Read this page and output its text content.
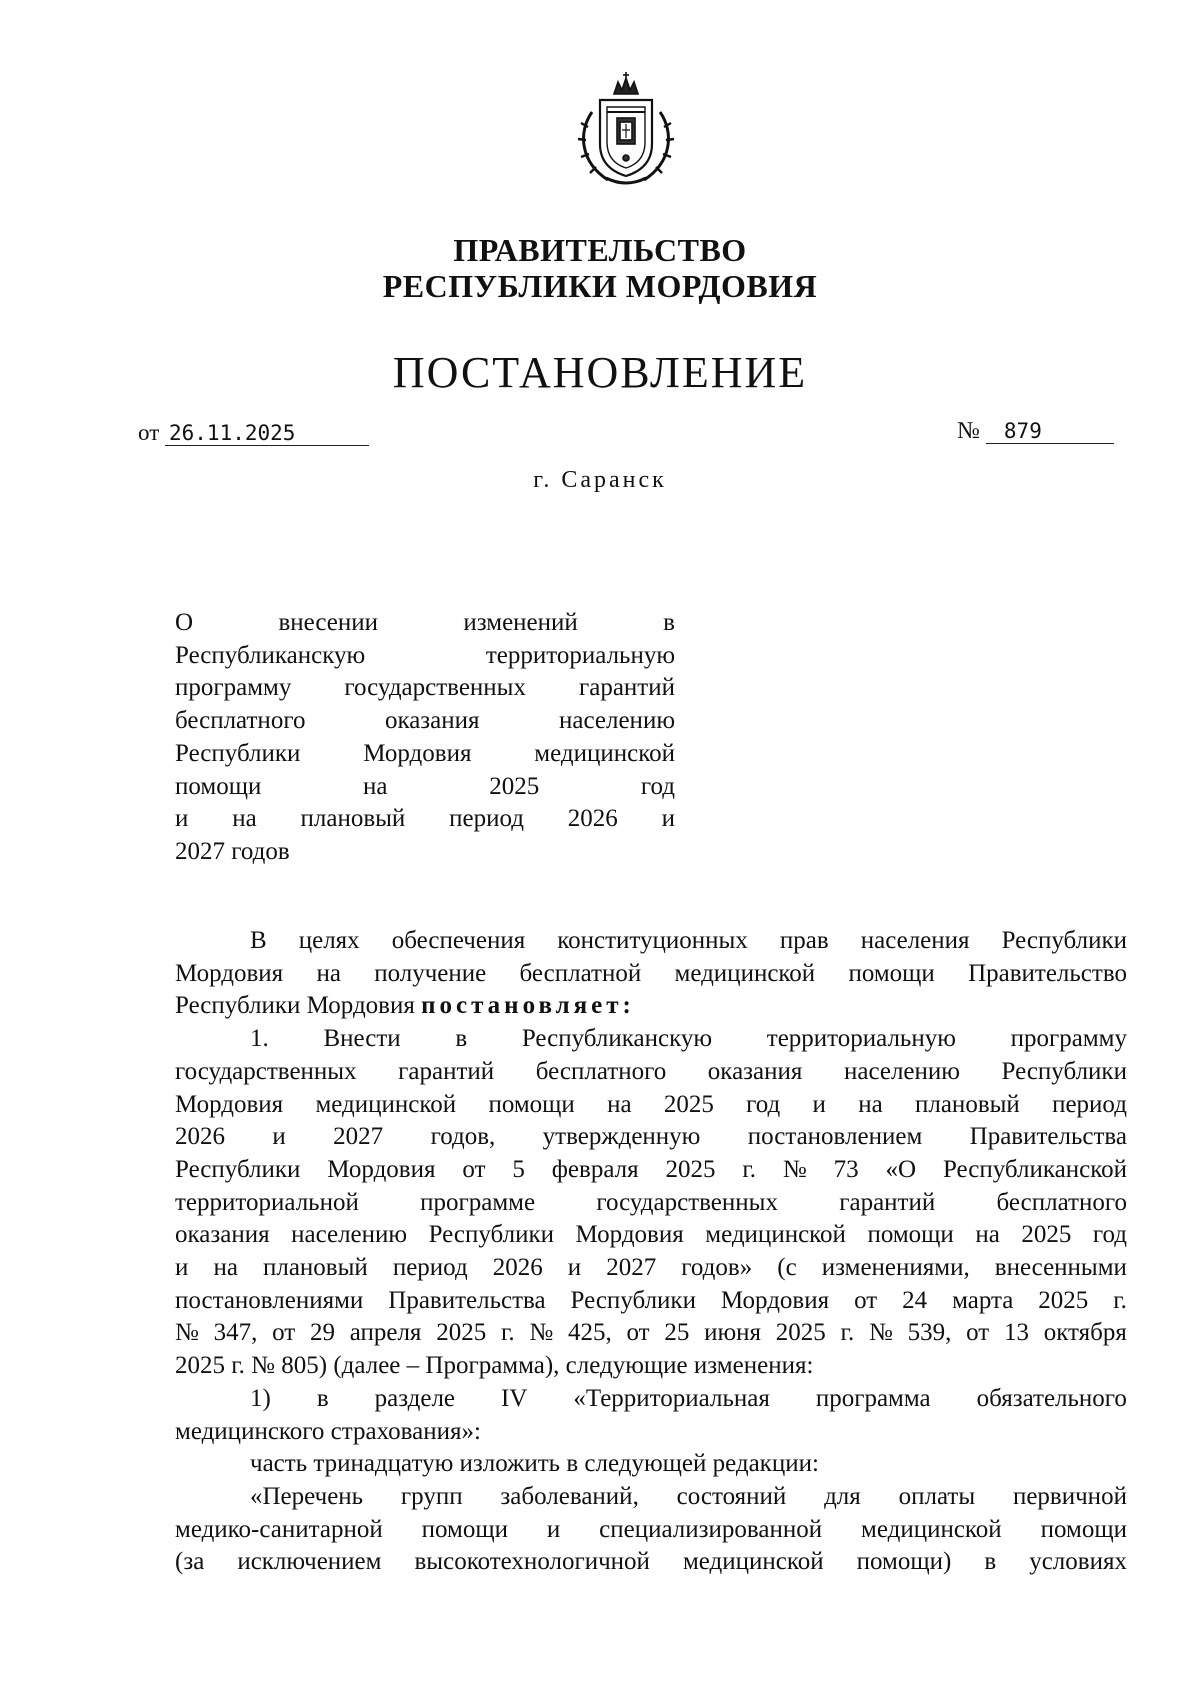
ПРАВИТЕЛЬСТВО
РЕСПУБЛИКИ МОРДОВИЯ
ПОСТАНОВЛЕНИЕ
от 26.11.2025	№ 879
г. Саранск
О	внесении	изменений	в
Республиканскую	территориальную
программу государственных гарантий
бесплатного	оказания	населению
Республики	Мордовия	медицинской
помощи	на	2025	год
и на плановый период 2026 и
2027 годов
В целях обеспечения конституционных прав населения Республики
Мордовия на получение бесплатной медицинской помощи Правительство
Республики Мордовия постановляет:
1. Внести в Республиканскую территориальную программу
государственных гарантий бесплатного оказания населению Республики
Мордовия медицинской помощи на 2025 год и на плановый период
2026 и 2027 годов, утвержденную постановлением Правительства
Республики Мордовия от 5 февраля 2025 г. № 73 «О Республиканской
территориальной программе государственных гарантий бесплатного
оказания населению Республики Мордовия медицинской помощи на 2025 год
и на плановый период 2026 и 2027 годов» (с изменениями, внесенными
постановлениями Правительства Республики Мордовия от 24 марта 2025 г.
№ 347, от 29 апреля 2025 г. № 425, от 25 июня 2025 г. № 539, от 13 октября
2025 г. № 805) (далее – Программа), следующие изменения:
1) в разделе IV «Территориальная программа обязательного
медицинского страхования»:
часть тринадцатую изложить в следующей редакции:
«Перечень групп заболеваний, состояний для оплаты первичной
медико-санитарной помощи и специализированной медицинской помощи
(за исключением высокотехнологичной медицинской помощи) в условиях
